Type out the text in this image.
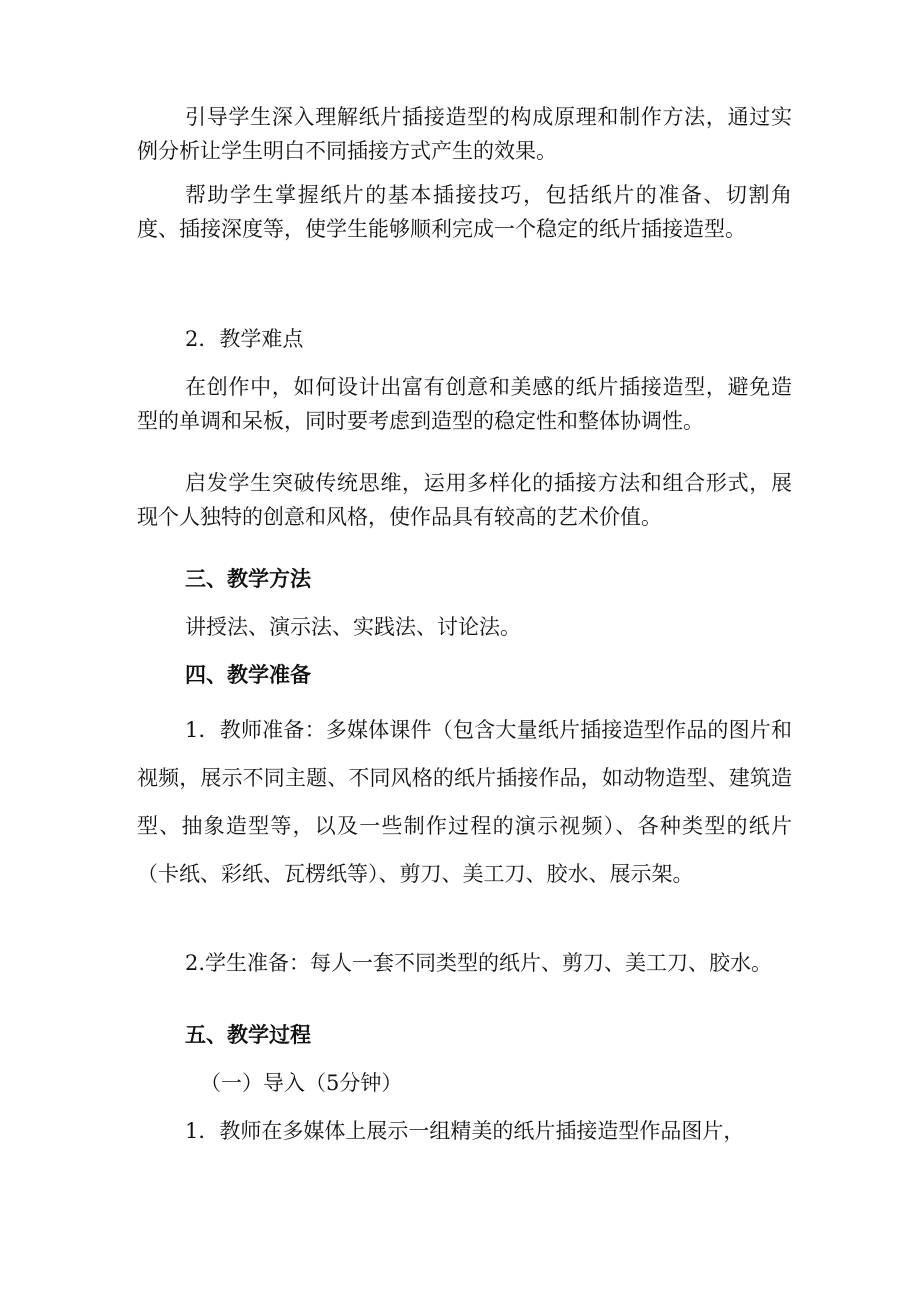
引导学生深入理解纸片插接造型的构成原理和制作方法，通过实例分析让学生明白不同插接方式产生的效果。

帮助学生掌握纸片的基本插接技巧，包括纸片的准备、切割角度、插接深度等，使学生能够顺利完成一个稳定的纸片插接造型。

2．教学难点

在创作中，如何设计出富有创意和美感的纸片插接造型，避免造型的单调和呆板，同时要考虑到造型的稳定性和整体协调性。

启发学生突破传统思维，运用多样化的插接方法和组合形式，展现个人独特的创意和风格，使作品具有较高的艺术价值。

三、教学方法

讲授法、演示法、实践法、讨论法。

四、教学准备

1．教师准备：多媒体课件（包含大量纸片插接造型作品的图片和视频，展示不同主题、不同风格的纸片插接作品，如动物造型、建筑造型、抽象造型等，以及一些制作过程的演示视频）、各种类型的纸片（卡纸、彩纸、瓦楞纸等）、剪刀、美工刀、胶水、展示架。

2.学生准备：每人一套不同类型的纸片、剪刀、美工刀、胶水。

五、教学过程

（一）导入（5分钟）

1．教师在多媒体上展示一组精美的纸片插接造型作品图片，
